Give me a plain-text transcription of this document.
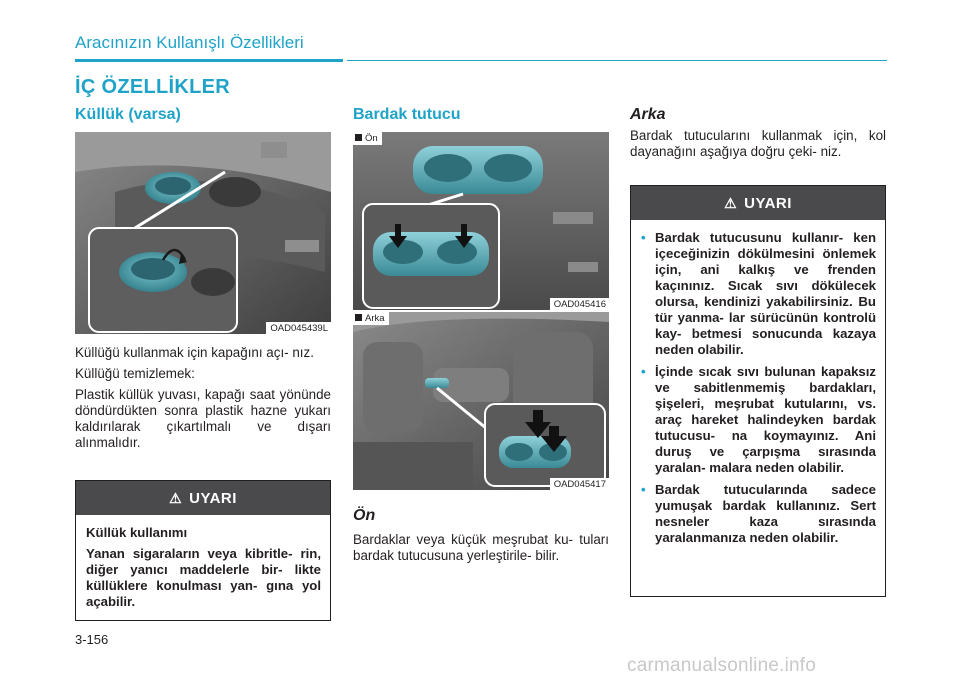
Aracınızın Kullanışlı Özellikleri
İÇ ÖZELLİKLER
Küllük (varsa)
OAD045439L

Küllüğü kullanmak için kapağını açı- nız.

Küllüğü temizlemek:

Plastik küllük yuvası, kapağı saat yönünde döndürdükten sonra plastik hazne yukarı kaldırılarak çıkartılmalı ve dışarı alınmalıdır.

⚠ UYARI
Küllük kullanımı
Yanan sigaraların veya kibritle- rin, diğer yanıcı maddelerle bir- likte küllüklere konulması yan- gına yol açabilir.
Bardak tutucu
Ön
OAD045416
Arka
OAD045417
Ön
Bardaklar veya küçük meşrubat ku- tuları bardak tutucusuna yerleştirile- bilir.
Arka
Bardak tutucularını kullanmak için, kol dayanağını aşağıya doğru çeki- niz.
⚠ UYARI
• Bardak tutucusunu kullanır- ken içeceğinizin dökülmesini önlemek için, ani kalkış ve frenden kaçınınız. Sıcak sıvı dökülecek olursa, kendinizi yakabilirsiniz. Bu tür yanma- lar sürücünün kontrolü kay- betmesi sonucunda kazaya neden olabilir.
• İçinde sıcak sıvı bulunan kapaksız ve sabitlenmemiş bardakları, şişeleri, meşrubat kutularını, vs. araç hareket halindeyken bardak tutucusu- na koymayınız. Ani duruş ve çarpışma sırasında yaralan- malara neden olabilir.
• Bardak tutucularında sadece yumuşak bardak kullanınız. Sert nesneler kaza sırasında yaralanmanıza neden olabilir.
3-156
carmanualsonline.info
